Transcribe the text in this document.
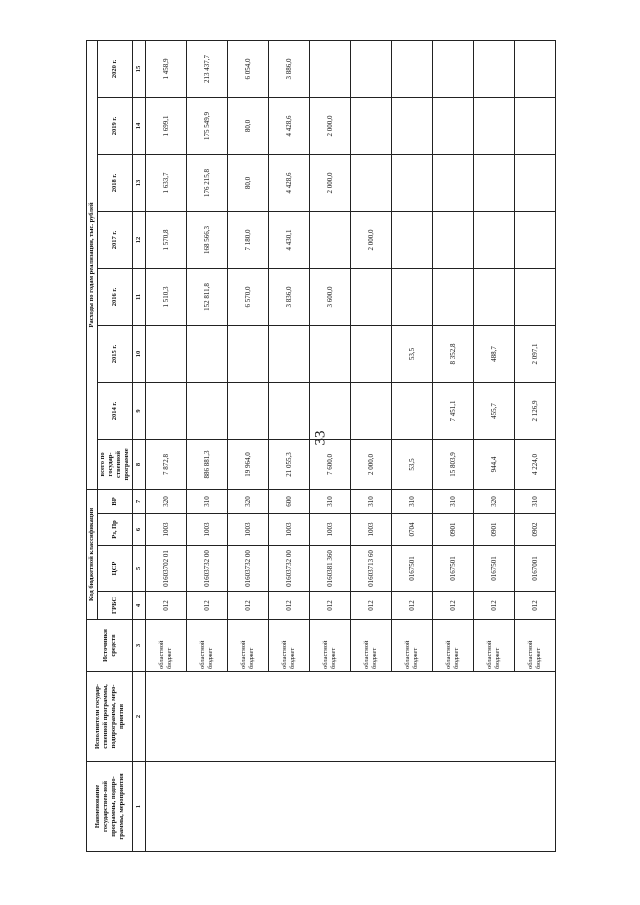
33
Наименование государствен-ной программы, подпро-граммы, мероприятия	Исполнители государ-ственной программы, подпрограммы, меро-приятия	Источники средств	Код бюджетной классификации				Расходы по годам реализации, тыс. рублей							
							всего по государ-ственной программе	2014 г.	2015 г.	2016 г.	2017 г.	2018 г.	2019 г.	2020 г.
			ГРБС	ЦСР	Рз, Пр	ВР								
1	2	3	4	5	6	7	8	9	10	11	12	13	14	15
		областной бюджет	012	01603702 01	1003	320	7 872,8			1 510,3	1 570,8	1 633,7	1 699,1	1 458,9
		областной бюджет	012	01603732 00	1003	310	886 881,3			152 811,8	168 566,3	176 215,8	175 549,9	213 437,7
		областной бюджет	012	01603732 00	1003	320	19 964,0			6 570,0	7 180,0	80,0	80,0	6 054,0
		областной бюджет	012	01603732 00	1003	600	21 055,3			3 836,0	4 430,1	4 428,6	4 428,6	3 886,0
		областной бюджет	012	0160381 360	1003	310	7 600,0			3 600,0		2 000,0	2 000,0	
		областной бюджет	012	01603713 60	1003	310	2 000,0				2 000,0			
		областной бюджет	012	0167501	0704	310	53,5		53,5					
		областной бюджет	012	0167501	0901	310	15 803,9	7 451,1	8 352,8					
		областной бюджет	012	0167501	0901	320	944,4	455,7	488,7					
		областной бюджет	012	0167001	0902	310	4 224,0	2 126,9	2 097,1					
